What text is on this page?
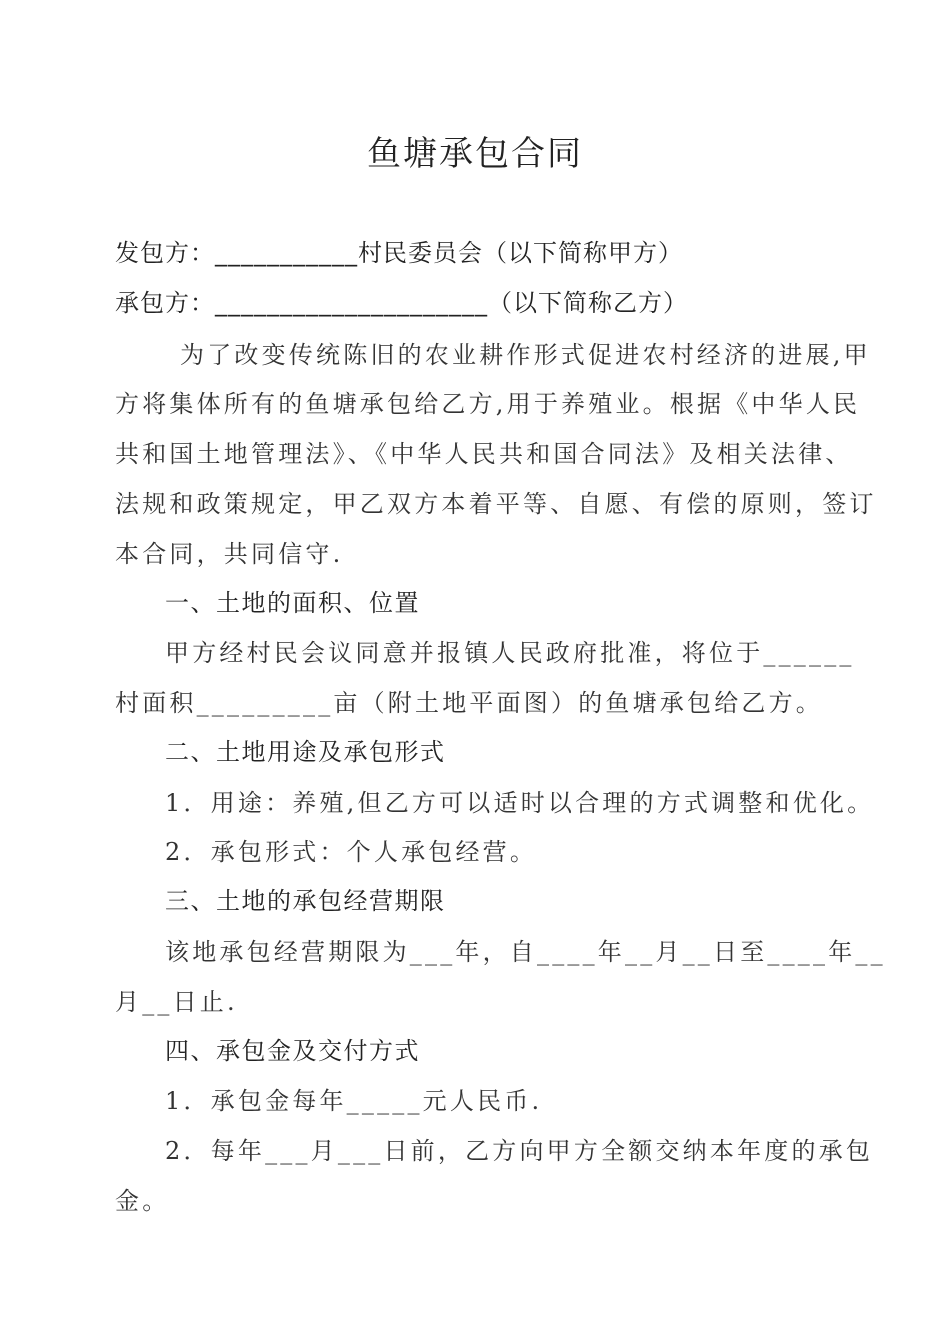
鱼塘承包合同
发包方：___________村民委员会（以下简称甲方）
承包方：_____________________（以下简称乙方）
为了改变传统陈旧的农业耕作形式促进农村经济的进展,甲
方将集体所有的鱼塘承包给乙方,用于养殖业。根据《中华人民
共和国土地管理法》、《中华人民共和国合同法》及相关法律、
法规和政策规定，甲乙双方本着平等、自愿、有偿的原则，签订
本合同，共同信守.
一、土地的面积、位置
甲方经村民会议同意并报镇人民政府批准，将位于______
村面积_________亩（附土地平面图）的鱼塘承包给乙方。
二、土地用途及承包形式
1．用途：养殖,但乙方可以适时以合理的方式调整和优化。
2．承包形式：个人承包经营。
三、土地的承包经营期限
该地承包经营期限为___年，自____年__月__日至____年__
月__日止.
四、承包金及交付方式
1．承包金每年_____元人民币.
2．每年___月___日前，乙方向甲方全额交纳本年度的承包
金。
